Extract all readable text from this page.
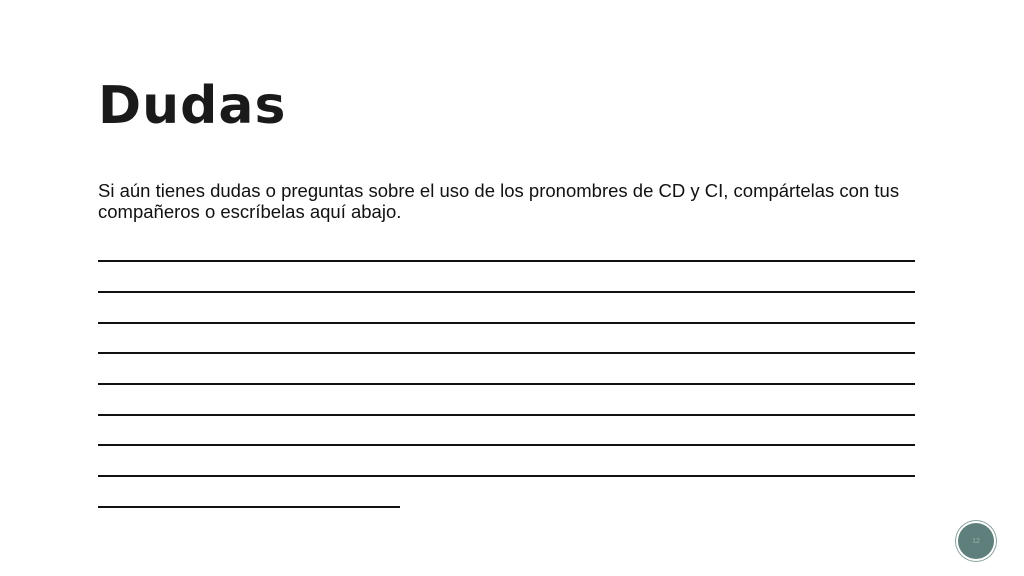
Dudas

Si aún tienes dudas o preguntas sobre el uso de los pronombres de CD y CI, compártelas con tus compañeros o escríbelas aquí abajo.

12
